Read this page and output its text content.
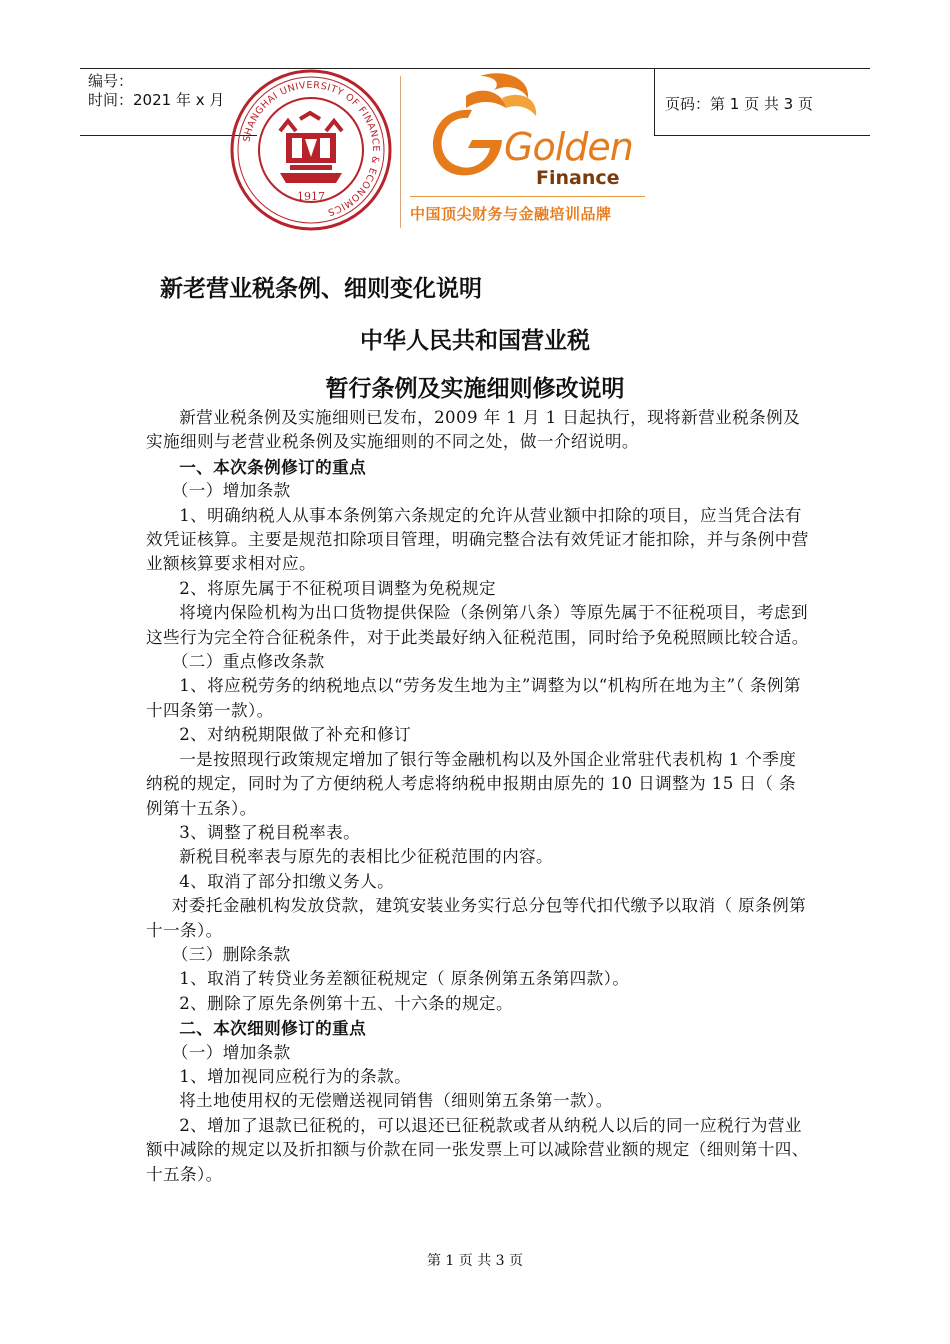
编号：
时间：2021 年 x 月	页码：第 1 页 共 3 页
SHANGHAI UNIVERSITY OF FINANCE & ECONOMICS
1917
Golden
Finance
中国顶尖财务与金融培训品牌
新老营业税条例、细则变化说明
中华人民共和国营业税
暂行条例及实施细则修改说明

新营业税条例及实施细则已发布，2009 年 1 月 1 日起执行，现将新营业税条例及实施细则与老营业税条例及实施细则的不同之处，做一介绍说明。

一、本次条例修订的重点

（一）增加条款

1、明确纳税人从事本条例第六条规定的允许从营业额中扣除的项目，应当凭合法有效凭证核算。主要是规范扣除项目管理，明确完整合法有效凭证才能扣除，并与条例中营业额核算要求相对应。

2、将原先属于不征税项目调整为免税规定

将境内保险机构为出口货物提供保险（条例第八条）等原先属于不征税项目，考虑到这些行为完全符合征税条件，对于此类最好纳入征税范围，同时给予免税照顾比较合适。

（二）重点修改条款

1、将应税劳务的纳税地点以“劳务发生地为主”调整为以“机构所在地为主”（ 条例第十四条第一款）。

2、对纳税期限做了补充和修订

一是按照现行政策规定增加了银行等金融机构以及外国企业常驻代表机构 1 个季度纳税的规定，同时为了方便纳税人考虑将纳税申报期由原先的 10 日调整为 15 日（ 条例第十五条）。

3、调整了税目税率表。

新税目税率表与原先的表相比少征税范围的内容。

4、取消了部分扣缴义务人。

对委托金融机构发放贷款，建筑安装业务实行总分包等代扣代缴予以取消（ 原条例第十一条）。

（三）删除条款

1、取消了转贷业务差额征税规定（ 原条例第五条第四款）。

2、删除了原先条例第十五、十六条的规定。

二、本次细则修订的重点

（一）增加条款

1、增加视同应税行为的条款。

将土地使用权的无偿赠送视同销售（细则第五条第一款）。

2、增加了退款已征税的，可以退还已征税款或者从纳税人以后的同一应税行为营业额中减除的规定以及折扣额与价款在同一张发票上可以减除营业额的规定（细则第十四、十五条）。

第 1 页 共 3 页
